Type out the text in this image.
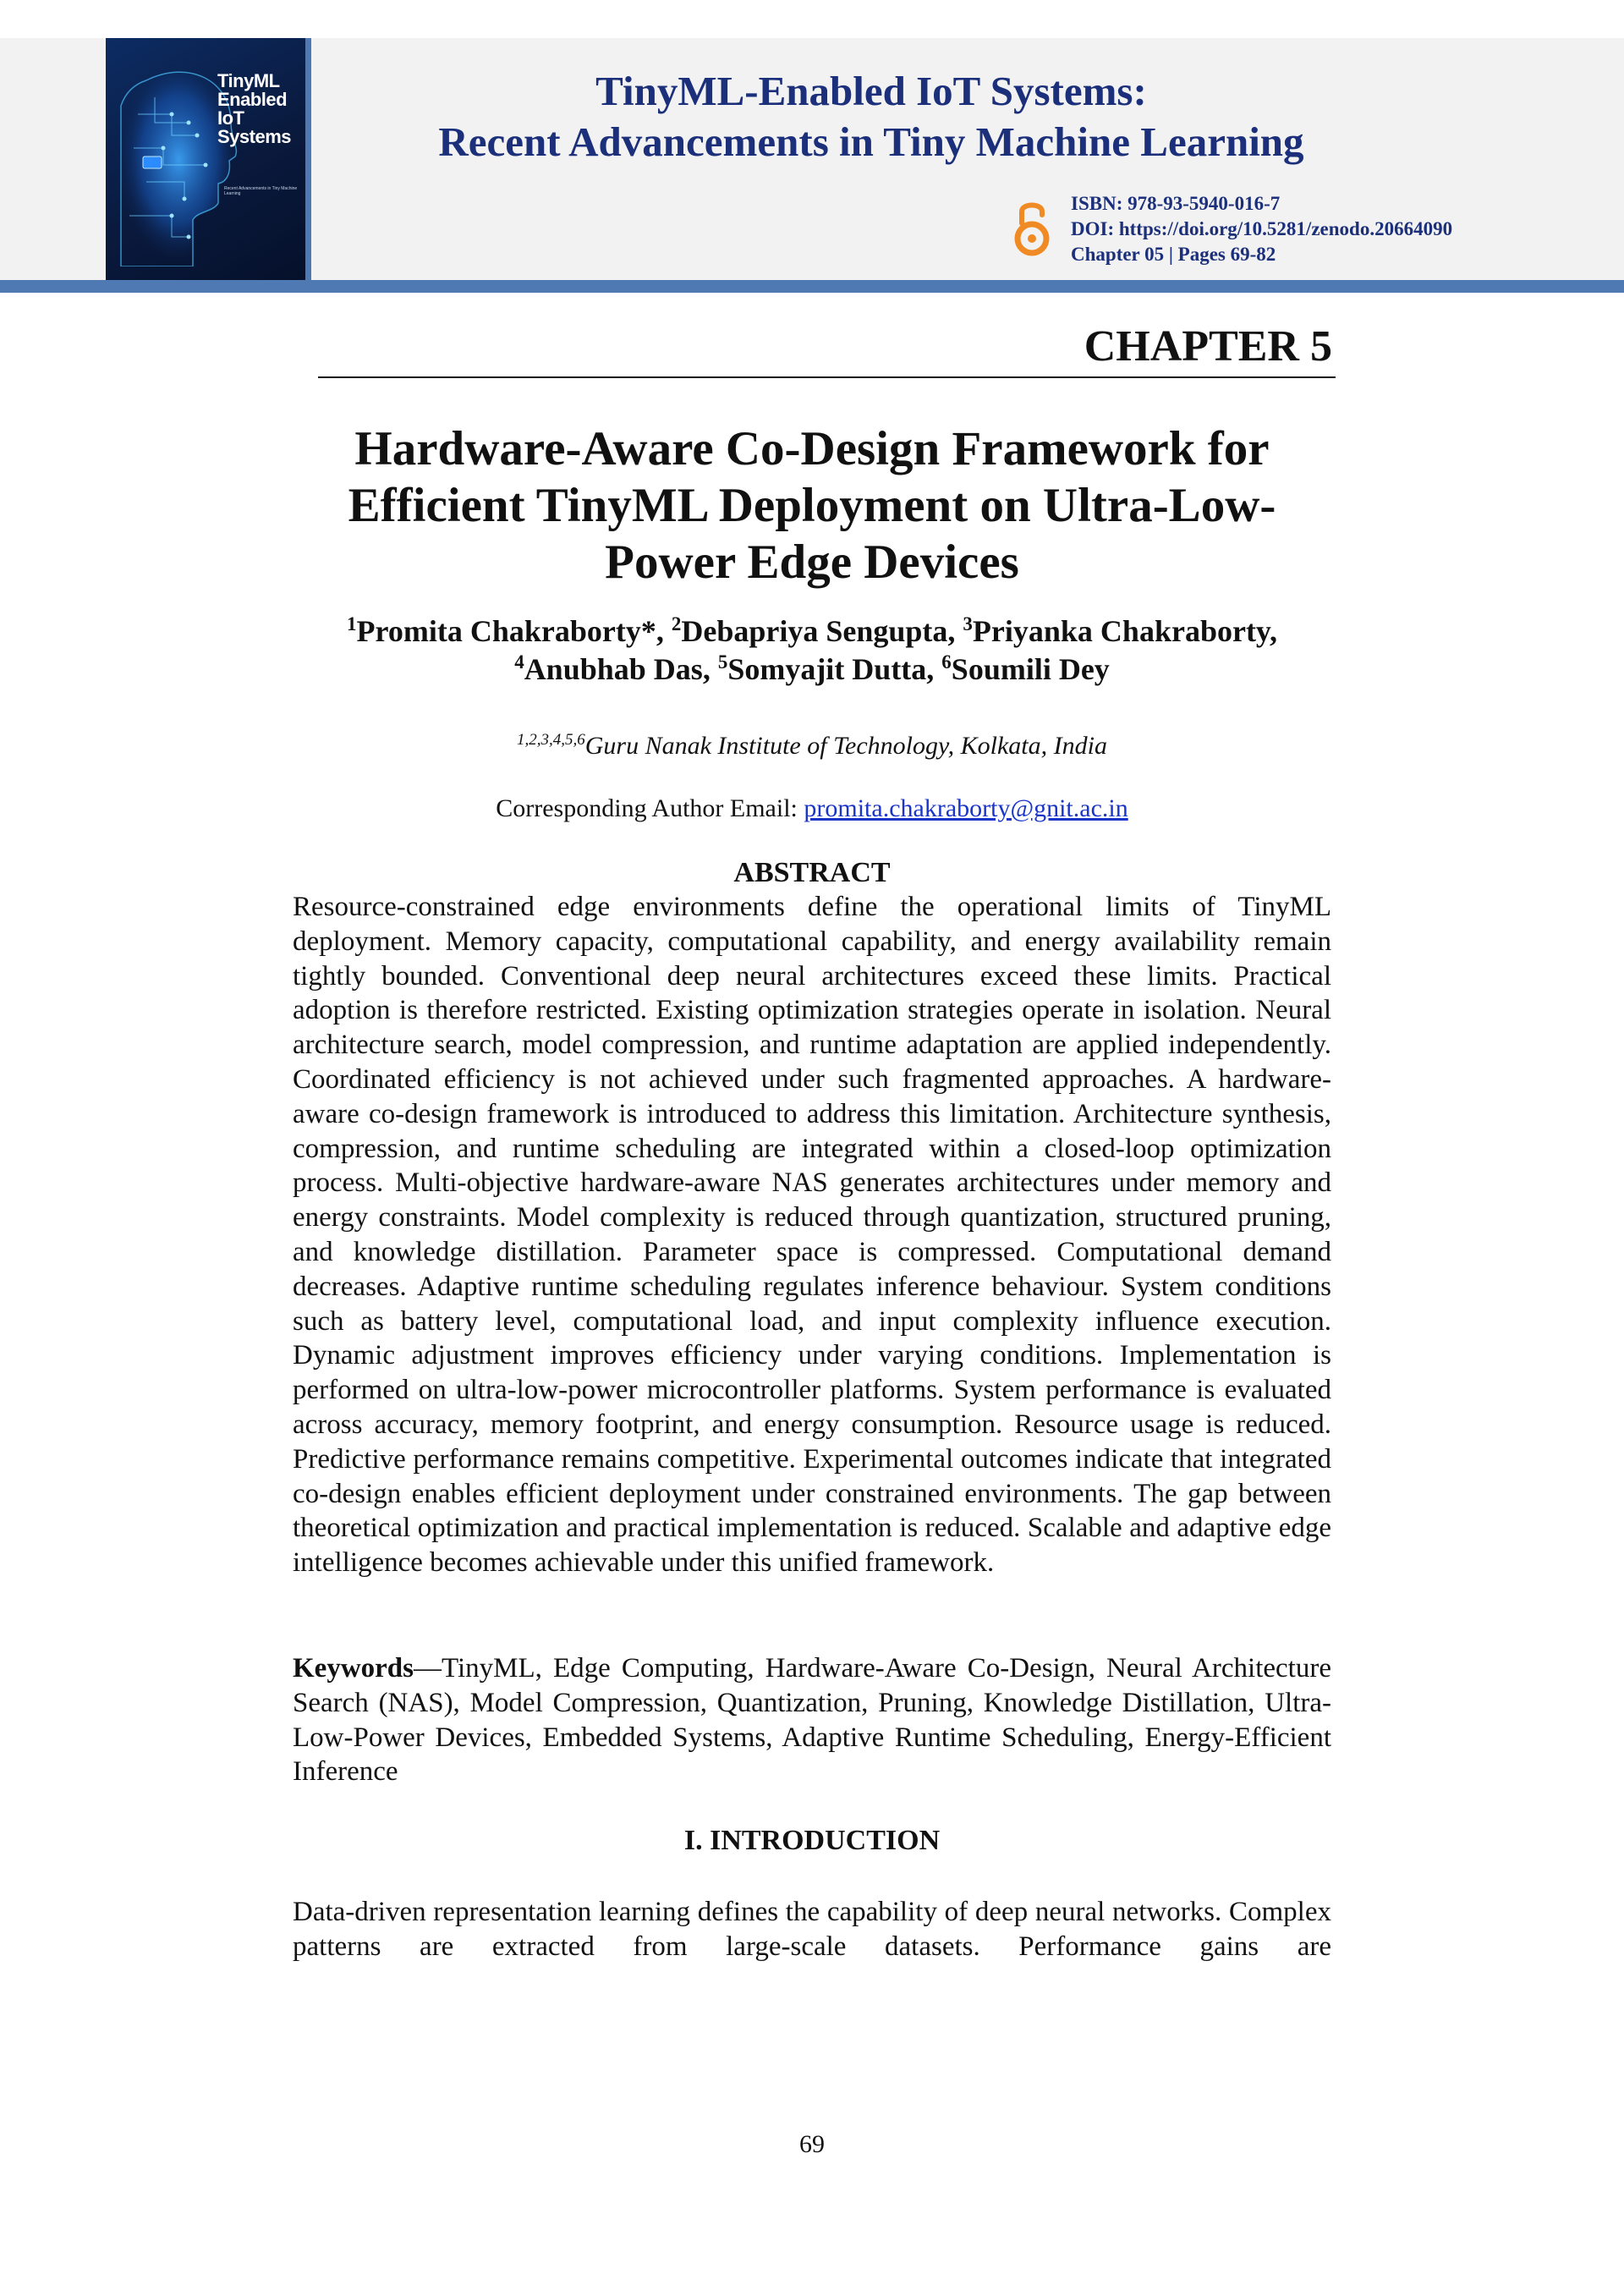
TinyML
Enabled
IoT
Systems
Recent Advancements in Tiny Machine Learning
TinyML-Enabled IoT Systems:
Recent Advancements in Tiny Machine Learning
ISBN: 978-93-5940-016-7
DOI: https://doi.org/10.5281/zenodo.20664090
Chapter 05 | Pages 69-82
CHAPTER 5
Hardware-Aware Co-Design Framework for
Efficient TinyML Deployment on Ultra-Low-
Power Edge Devices
$^1$Promita Chakraborty*, $^2$Debapriya Sengupta, $^3$Priyanka Chakraborty,
$^4$Anubhab Das, $^5$Somyajit Dutta, $^6$Soumili Dey
$^{1,2,3,4,5,6}$Guru Nanak Institute of Technology, Kolkata, India
Corresponding Author Email: promita.chakraborty@gnit.ac.in
ABSTRACT

Resource-constrained edge environments define the operational limits of TinyML deployment. Memory capacity, computational capability, and energy availability remain tightly bounded. Conventional deep neural architectures exceed these limits. Practical adoption is therefore restricted. Existing optimization strategies operate in isolation. Neural architecture search, model compression, and runtime adaptation are applied independently. Coordinated efficiency is not achieved under such fragmented approaches. A hardware-aware co-design framework is introduced to address this limitation. Architecture synthesis, compression, and runtime scheduling are integrated within a closed-loop optimization process. Multi-objective hardware-aware NAS generates architectures under memory and energy constraints. Model complexity is reduced through quantization, structured pruning, and knowledge distillation. Parameter space is compressed. Computational demand decreases. Adaptive runtime scheduling regulates inference behaviour. System conditions such as battery level, computational load, and input complexity influence execution. Dynamic adjustment improves efficiency under varying conditions. Implementation is performed on ultra-low-power microcontroller platforms. System performance is evaluated across accuracy, memory footprint, and energy consumption. Resource usage is reduced. Predictive performance remains competitive. Experimental outcomes indicate that integrated co-design enables efficient deployment under constrained environments. The gap between theoretical optimization and practical implementation is reduced. Scalable and adaptive edge intelligence becomes achievable under this unified framework.

Keywords—TinyML, Edge Computing, Hardware-Aware Co-Design, Neural Architecture Search (NAS), Model Compression, Quantization, Pruning, Knowledge Distillation, Ultra-Low-Power Devices, Embedded Systems, Adaptive Runtime Scheduling, Energy-Efficient Inference

I. INTRODUCTION

Data-driven representation learning defines the capability of deep neural networks. Complex patterns are extracted from large-scale datasets. Performance gains are

69
